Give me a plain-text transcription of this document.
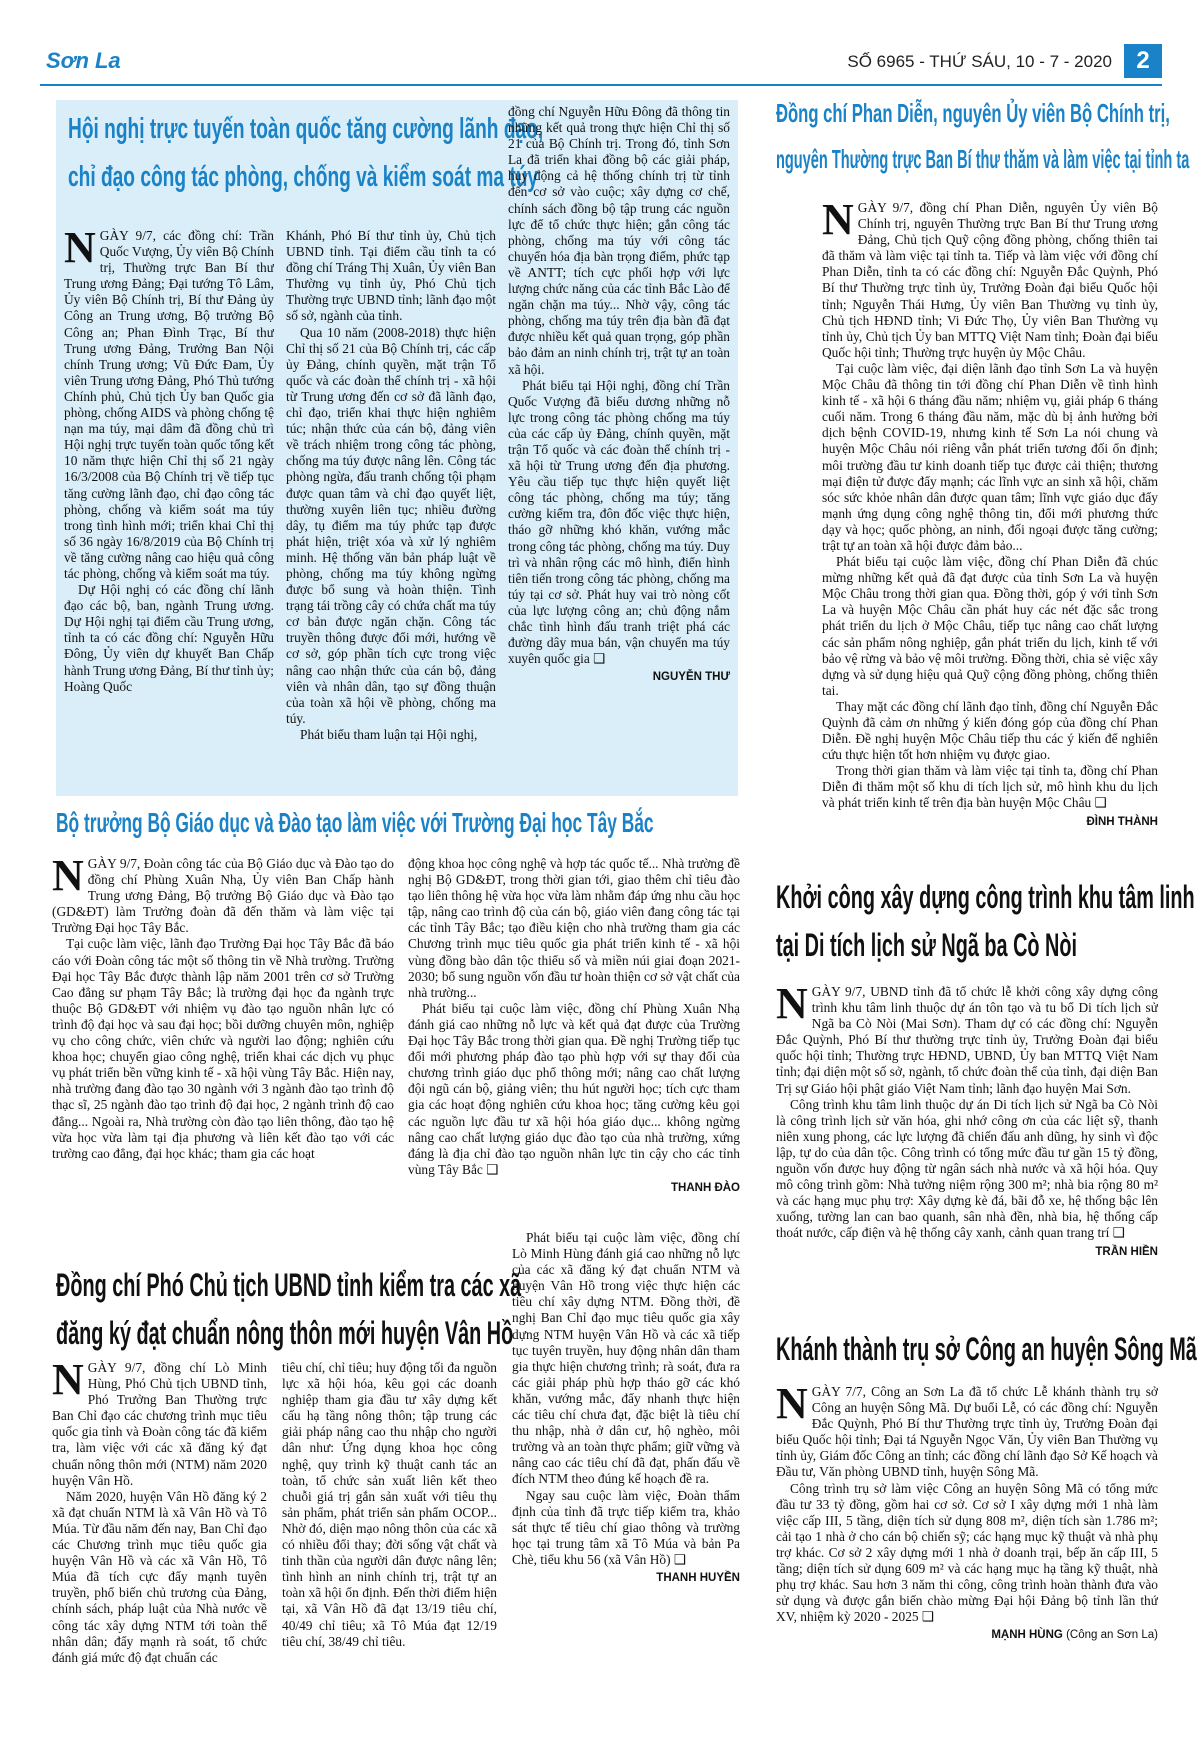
Sơn La	SỐ 6965 - THỨ SÁU, 10 - 7 - 2020	2
Hội nghị trực tuyến toàn quốc tăng cường lãnh đạo,
chỉ đạo công tác phòng, chống và kiểm soát ma túy

NGÀY 9/7, các đồng chí: Trần Quốc Vượng, Ủy viên Bộ Chính trị, Thường trực Ban Bí thư Trung ương Đảng; Đại tướng Tô Lâm, Ủy viên Bộ Chính trị, Bí thư Đảng ủy Công an Trung ương, Bộ trưởng Bộ Công an; Phan Đình Trạc, Bí thư Trung ương Đảng, Trưởng Ban Nội chính Trung ương; Vũ Đức Đam, Ủy viên Trung ương Đảng, Phó Thủ tướng Chính phủ, Chủ tịch Ủy ban Quốc gia phòng, chống AIDS và phòng chống tệ nạn ma túy, mại dâm đã đồng chủ trì Hội nghị trực tuyến toàn quốc tổng kết 10 năm thực hiện Chỉ thị số 21 ngày 16/3/2008 của Bộ Chính trị về tiếp tục tăng cường lãnh đạo, chỉ đạo công tác phòng, chống và kiểm soát ma túy trong tình hình mới; triển khai Chỉ thị số 36 ngày 16/8/2019 của Bộ Chính trị về tăng cường nâng cao hiệu quả công tác phòng, chống và kiểm soát ma túy.

Dự Hội nghị có các đồng chí lãnh đạo các bộ, ban, ngành Trung ương. Dự Hội nghị tại điểm cầu Trung ương, tỉnh ta có các đồng chí: Nguyễn Hữu Đông, Ủy viên dự khuyết Ban Chấp hành Trung ương Đảng, Bí thư tỉnh ủy; Hoàng Quốc

Khánh, Phó Bí thư tỉnh ủy, Chủ tịch UBND tỉnh. Tại điểm cầu tỉnh ta có đồng chí Tráng Thị Xuân, Ủy viên Ban Thường vụ tỉnh ủy, Phó Chủ tịch Thường trực UBND tỉnh; lãnh đạo một số sở, ngành của tỉnh.

Qua 10 năm (2008-2018) thực hiện Chỉ thị số 21 của Bộ Chính trị, các cấp ủy Đảng, chính quyền, mặt trận Tổ quốc và các đoàn thể chính trị - xã hội từ Trung ương đến cơ sở đã lãnh đạo, chỉ đạo, triển khai thực hiện nghiêm túc; nhận thức của cán bộ, đảng viên về trách nhiệm trong công tác phòng, chống ma túy được nâng lên. Công tác phòng ngừa, đấu tranh chống tội phạm được quan tâm và chỉ đạo quyết liệt, thường xuyên liên tục; nhiều đường dây, tụ điểm ma túy phức tạp được phát hiện, triệt xóa và xử lý nghiêm minh. Hệ thống văn bản pháp luật về phòng, chống ma túy không ngừng được bổ sung và hoàn thiện. Tình trạng tái trồng cây có chứa chất ma túy cơ bản được ngăn chặn. Công tác truyền thông được đổi mới, hướng về cơ sở, góp phần tích cực trong việc nâng cao nhận thức của cán bộ, đảng viên và nhân dân, tạo sự đồng thuận của toàn xã hội về phòng, chống ma túy.

Phát biểu tham luận tại Hội nghị,

đồng chí Nguyễn Hữu Đông đã thông tin những kết quả trong thực hiện Chỉ thị số 21 của Bộ Chính trị. Trong đó, tỉnh Sơn La đã triển khai đồng bộ các giải pháp, huy động cả hệ thống chính trị từ tỉnh đến cơ sở vào cuộc; xây dựng cơ chế, chính sách đồng bộ tập trung các nguồn lực để tổ chức thực hiện; gắn công tác phòng, chống ma túy với công tác chuyển hóa địa bàn trọng điểm, phức tạp về ANTT; tích cực phối hợp với lực lượng chức năng của các tỉnh Bắc Lào để ngăn chặn ma túy... Nhờ vậy, công tác phòng, chống ma túy trên địa bàn đã đạt được nhiều kết quả quan trọng, góp phần bảo đảm an ninh chính trị, trật tự an toàn xã hội.

Phát biểu tại Hội nghị, đồng chí Trần Quốc Vượng đã biểu dương những nỗ lực trong công tác phòng chống ma túy của các cấp ủy Đảng, chính quyền, mặt trận Tổ quốc và các đoàn thể chính trị - xã hội từ Trung ương đến địa phương. Yêu cầu tiếp tục thực hiện quyết liệt công tác phòng, chống ma túy; tăng cường kiểm tra, đôn đốc việc thực hiện, tháo gỡ những khó khăn, vướng mắc trong công tác phòng, chống ma túy. Duy trì và nhân rộng các mô hình, điển hình tiên tiến trong công tác phòng, chống ma túy tại cơ sở. Phát huy vai trò nòng cốt của lực lượng công an; chủ động nắm chắc tình hình đấu tranh triệt phá các đường dây mua bán, vận chuyển ma túy xuyên quốc gia ❑

NGUYỄN THƯ

Đồng chí Phan Diễn, nguyên Ủy viên Bộ Chính trị,
nguyên Thường trực Ban Bí thư thăm và làm việc tại tỉnh ta

NGÀY 9/7, đồng chí Phan Diễn, nguyên Ủy viên Bộ Chính trị, nguyên Thường trực Ban Bí thư Trung ương Đảng, Chủ tịch Quỹ cộng đồng phòng, chống thiên tai đã thăm và làm việc tại tỉnh ta. Tiếp và làm việc với đồng chí Phan Diễn, tỉnh ta có các đồng chí: Nguyễn Đắc Quỳnh, Phó Bí thư Thường trực tỉnh ủy, Trưởng Đoàn đại biểu Quốc hội tỉnh; Nguyễn Thái Hưng, Ủy viên Ban Thường vụ tỉnh ủy, Chủ tịch HĐND tỉnh; Vi Đức Thọ, Ủy viên Ban Thường vụ tỉnh ủy, Chủ tịch Ủy ban MTTQ Việt Nam tỉnh; Đoàn đại biểu Quốc hội tỉnh; Thường trực huyện ủy Mộc Châu.

Tại cuộc làm việc, đại diện lãnh đạo tỉnh Sơn La và huyện Mộc Châu đã thông tin tới đồng chí Phan Diễn về tình hình kinh tế - xã hội 6 tháng đầu năm; nhiệm vụ, giải pháp 6 tháng cuối năm. Trong 6 tháng đầu năm, mặc dù bị ảnh hưởng bởi dịch bệnh COVID-19, nhưng kinh tế Sơn La nói chung và huyện Mộc Châu nói riêng vẫn phát triển tương đối ổn định; môi trường đầu tư kinh doanh tiếp tục được cải thiện; thương mại điện tử được đẩy mạnh; các lĩnh vực an sinh xã hội, chăm sóc sức khỏe nhân dân được quan tâm; lĩnh vực giáo dục đẩy mạnh ứng dụng công nghệ thông tin, đổi mới phương thức dạy và học; quốc phòng, an ninh, đối ngoại được tăng cường; trật tự an toàn xã hội được đảm bảo...

Phát biểu tại cuộc làm việc, đồng chí Phan Diễn đã chúc mừng những kết quả đã đạt được của tỉnh Sơn La và huyện Mộc Châu trong thời gian qua. Đồng thời, góp ý với tỉnh Sơn La và huyện Mộc Châu cần phát huy các nét đặc sắc trong phát triển du lịch ở Mộc Châu, tiếp tục nâng cao chất lượng các sản phẩm nông nghiệp, gắn phát triển du lịch, kinh tế với bảo vệ rừng và bảo vệ môi trường. Đồng thời, chia sẻ việc xây dựng và sử dụng hiệu quả Quỹ cộng đồng phòng, chống thiên tai.

Thay mặt các đồng chí lãnh đạo tỉnh, đồng chí Nguyễn Đắc Quỳnh đã cảm ơn những ý kiến đóng góp của đồng chí Phan Diễn. Đề nghị huyện Mộc Châu tiếp thu các ý kiến để nghiên cứu thực hiện tốt hơn nhiệm vụ được giao.

Trong thời gian thăm và làm việc tại tỉnh ta, đồng chí Phan Diễn đi thăm một số khu di tích lịch sử, mô hình khu du lịch và phát triển kinh tế trên địa bàn huyện Mộc Châu ❑

ĐÌNH THÀNH

Bộ trưởng Bộ Giáo dục và Đào tạo làm việc với Trường Đại học Tây Bắc

NGÀY 9/7, Đoàn công tác của Bộ Giáo dục và Đào tạo do đồng chí Phùng Xuân Nhạ, Ủy viên Ban Chấp hành Trung ương Đảng, Bộ trưởng Bộ Giáo dục và Đào tạo (GD&ĐT) làm Trưởng đoàn đã đến thăm và làm việc tại Trường Đại học Tây Bắc.

Tại cuộc làm việc, lãnh đạo Trường Đại học Tây Bắc đã báo cáo với Đoàn công tác một số thông tin về Nhà trường. Trường Đại học Tây Bắc được thành lập năm 2001 trên cơ sở Trường Cao đẳng sư phạm Tây Bắc; là trường đại học đa ngành trực thuộc Bộ GD&ĐT với nhiệm vụ đào tạo nguồn nhân lực có trình độ đại học và sau đại học; bồi dưỡng chuyên môn, nghiệp vụ cho công chức, viên chức và người lao động; nghiên cứu khoa học; chuyển giao công nghệ, triển khai các dịch vụ phục vụ phát triển bền vững kinh tế - xã hội vùng Tây Bắc. Hiện nay, nhà trường đang đào tạo 30 ngành với 3 ngành đào tạo trình độ thạc sĩ, 25 ngành đào tạo trình độ đại học, 2 ngành trình độ cao đẳng... Ngoài ra, Nhà trường còn đào tạo liên thông, đào tạo hệ vừa học vừa làm tại địa phương và liên kết đào tạo với các trường cao đẳng, đại học khác; tham gia các hoạt

động khoa học công nghệ và hợp tác quốc tế... Nhà trường đề nghị Bộ GD&ĐT, trong thời gian tới, giao thêm chỉ tiêu đào tạo liên thông hệ vừa học vừa làm nhằm đáp ứng nhu cầu học tập, nâng cao trình độ của cán bộ, giáo viên đang công tác tại các tỉnh Tây Bắc; tạo điều kiện cho nhà trường tham gia các Chương trình mục tiêu quốc gia phát triển kinh tế - xã hội vùng đồng bào dân tộc thiểu số và miền núi giai đoạn 2021-2030; bổ sung nguồn vốn đầu tư hoàn thiện cơ sở vật chất của nhà trường...

Phát biểu tại cuộc làm việc, đồng chí Phùng Xuân Nhạ đánh giá cao những nỗ lực và kết quả đạt được của Trường Đại học Tây Bắc trong thời gian qua. Đề nghị Trường tiếp tục đổi mới phương pháp đào tạo phù hợp với sự thay đổi của chương trình giáo dục phổ thông mới; nâng cao chất lượng đội ngũ cán bộ, giảng viên; thu hút người học; tích cực tham gia các hoạt động nghiên cứu khoa học; tăng cường kêu gọi các nguồn lực đầu tư xã hội hóa giáo dục... không ngừng nâng cao chất lượng giáo dục đào tạo của nhà trường, xứng đáng là địa chỉ đào tạo nguồn nhân lực tin cậy cho các tỉnh vùng Tây Bắc ❑

THANH ĐÀO

Khởi công xây dựng công trình khu tâm linh
tại Di tích lịch sử Ngã ba Cò Nòi

NGÀY 9/7, UBND tỉnh đã tổ chức lễ khởi công xây dựng công trình khu tâm linh thuộc dự án tôn tạo và tu bổ Di tích lịch sử Ngã ba Cò Nòi (Mai Sơn). Tham dự có các đồng chí: Nguyễn Đắc Quỳnh, Phó Bí thư thường trực tỉnh ủy, Trưởng Đoàn đại biểu quốc hội tỉnh; Thường trực HĐND, UBND, Ủy ban MTTQ Việt Nam tỉnh; đại diện một số sở, ngành, tổ chức đoàn thể của tỉnh, đại diện Ban Trị sự Giáo hội phật giáo Việt Nam tỉnh; lãnh đạo huyện Mai Sơn.

Công trình khu tâm linh thuộc dự án Di tích lịch sử Ngã ba Cò Nòi là công trình lịch sử văn hóa, ghi nhớ công ơn của các liệt sỹ, thanh niên xung phong, các lực lượng đã chiến đấu anh dũng, hy sinh vì độc lập, tự do của dân tộc. Công trình có tổng mức đầu tư gần 15 tỷ đồng, nguồn vốn được huy động từ ngân sách nhà nước và xã hội hóa. Quy mô công trình gồm: Nhà tưởng niệm rộng 300 m²; nhà bia rộng 80 m² và các hạng mục phụ trợ: Xây dựng kè đá, bãi đỗ xe, hệ thống bậc lên xuống, tường lan can bao quanh, sân nhà đền, nhà bia, hệ thống cấp thoát nước, cấp điện và hệ thống cây xanh, cảnh quan trang trí ❑

TRẦN HIỀN

Đồng chí Phó Chủ tịch UBND tỉnh kiểm tra các xã
đăng ký đạt chuẩn nông thôn mới huyện Vân Hồ

NGÀY 9/7, đồng chí Lò Minh Hùng, Phó Chủ tịch UBND tỉnh, Phó Trưởng Ban Thường trực Ban Chỉ đạo các chương trình mục tiêu quốc gia tỉnh và Đoàn công tác đã kiểm tra, làm việc với các xã đăng ký đạt chuẩn nông thôn mới (NTM) năm 2020 huyện Vân Hồ.

Năm 2020, huyện Vân Hồ đăng ký 2 xã đạt chuẩn NTM là xã Vân Hồ và Tô Múa. Từ đầu năm đến nay, Ban Chỉ đạo các Chương trình mục tiêu quốc gia huyện Vân Hồ và các xã Vân Hồ, Tô Múa đã tích cực đẩy mạnh tuyên truyền, phổ biến chủ trương của Đảng, chính sách, pháp luật của Nhà nước về công tác xây dựng NTM tới toàn thể nhân dân; đẩy mạnh rà soát, tổ chức đánh giá mức độ đạt chuẩn các

tiêu chí, chỉ tiêu; huy động tối đa nguồn lực xã hội hóa, kêu gọi các doanh nghiệp tham gia đầu tư xây dựng kết cấu hạ tầng nông thôn; tập trung các giải pháp nâng cao thu nhập cho người dân như: Ứng dụng khoa học công nghệ, quy trình kỹ thuật canh tác an toàn, tổ chức sản xuất liên kết theo chuỗi giá trị gắn sản xuất với tiêu thụ sản phẩm, phát triển sản phẩm OCOP... Nhờ đó, diện mạo nông thôn của các xã có nhiều đổi thay; đời sống vật chất và tinh thần của người dân được nâng lên; tình hình an ninh chính trị, trật tự an toàn xã hội ổn định. Đến thời điểm hiện tại, xã Vân Hồ đã đạt 13/19 tiêu chí, 40/49 chỉ tiêu; xã Tô Múa đạt 12/19 tiêu chí, 38/49 chỉ tiêu.

Phát biểu tại cuộc làm việc, đồng chí Lò Minh Hùng đánh giá cao những nỗ lực của các xã đăng ký đạt chuẩn NTM và huyện Vân Hồ trong việc thực hiện các tiêu chí xây dựng NTM. Đồng thời, đề nghị Ban Chỉ đạo mục tiêu quốc gia xây dựng NTM huyện Vân Hồ và các xã tiếp tục tuyên truyền, huy động nhân dân tham gia thực hiện chương trình; rà soát, đưa ra các giải pháp phù hợp tháo gỡ các khó khăn, vướng mắc, đẩy nhanh thực hiện các tiêu chí chưa đạt, đặc biệt là tiêu chí thu nhập, nhà ở dân cư, hộ nghèo, môi trường và an toàn thực phẩm; giữ vững và nâng cao các tiêu chí đã đạt, phấn đấu về đích NTM theo đúng kế hoạch đề ra.

Ngay sau cuộc làm việc, Đoàn thẩm định của tỉnh đã trực tiếp kiểm tra, khảo sát thực tế tiêu chí giao thông và trường học tại trung tâm xã Tô Múa và bản Pa Chè, tiểu khu 56 (xã Vân Hồ) ❑

THANH HUYỀN

Khánh thành trụ sở Công an huyện Sông Mã

NGÀY 7/7, Công an Sơn La đã tổ chức Lễ khánh thành trụ sở Công an huyện Sông Mã. Dự buổi Lễ, có các đồng chí: Nguyễn Đắc Quỳnh, Phó Bí thư Thường trực tỉnh ủy, Trưởng Đoàn đại biểu Quốc hội tỉnh; Đại tá Nguyễn Ngọc Văn, Ủy viên Ban Thường vụ tỉnh ủy, Giám đốc Công an tỉnh; các đồng chí lãnh đạo Sở Kế hoạch và Đầu tư, Văn phòng UBND tỉnh, huyện Sông Mã.

Công trình trụ sở làm việc Công an huyện Sông Mã có tổng mức đầu tư 33 tỷ đồng, gồm hai cơ sở. Cơ sở I xây dựng mới 1 nhà làm việc cấp III, 5 tầng, diện tích sử dụng 808 m², diện tích sàn 1.786 m²; cải tạo 1 nhà ở cho cán bộ chiến sỹ; các hạng mục kỹ thuật và nhà phụ trợ khác. Cơ sở 2 xây dựng mới 1 nhà ở doanh trại, bếp ăn cấp III, 5 tầng; diện tích sử dụng 609 m² và các hạng mục hạ tầng kỹ thuật, nhà phụ trợ khác. Sau hơn 3 năm thi công, công trình hoàn thành đưa vào sử dụng và được gắn biển chào mừng Đại hội Đảng bộ tỉnh lần thứ XV, nhiệm kỳ 2020 - 2025 ❑

MẠNH HÙNG (Công an Sơn La)
